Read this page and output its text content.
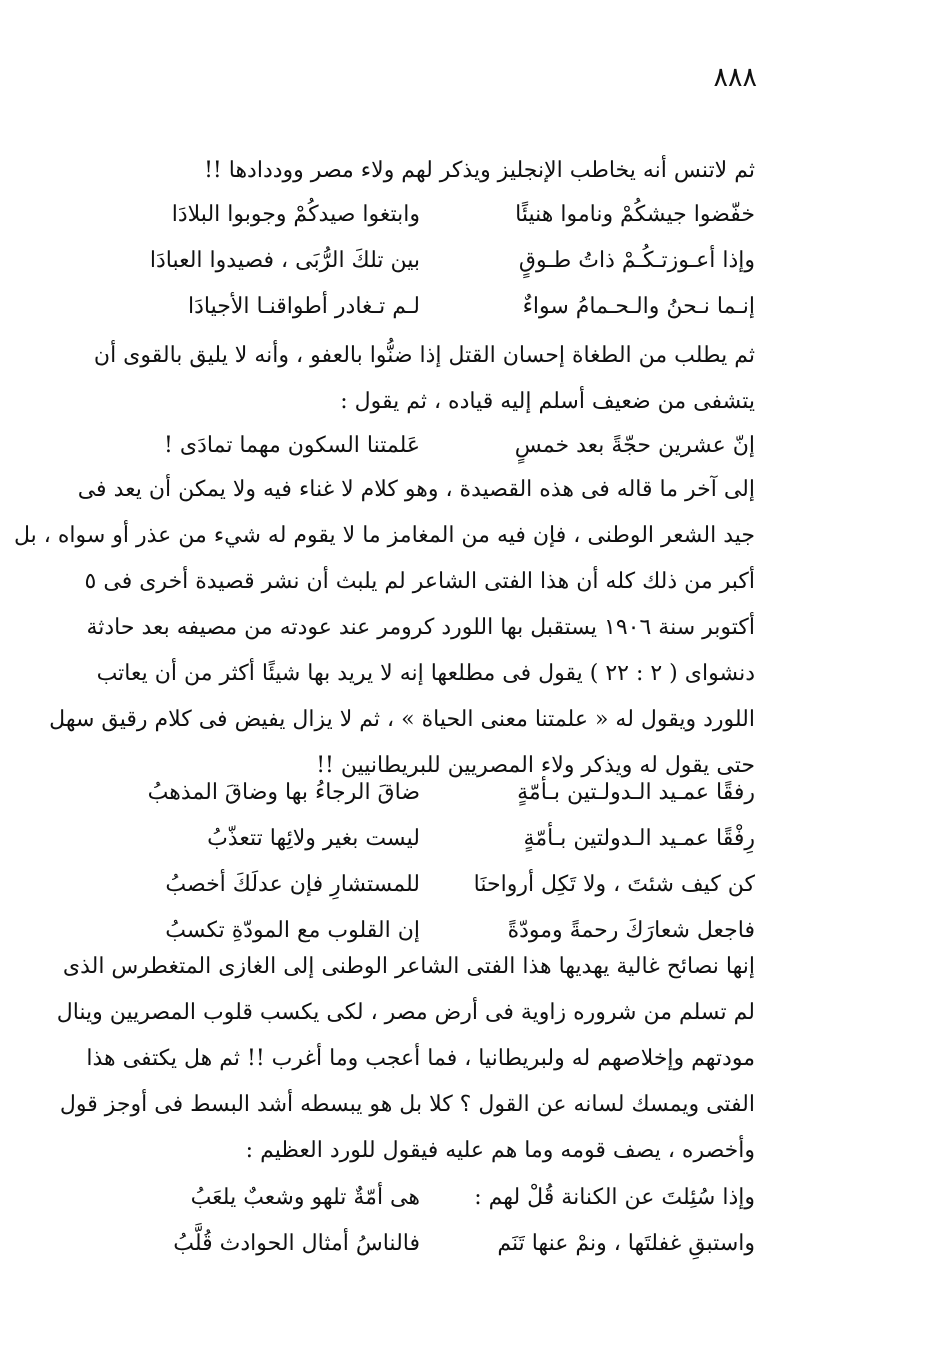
٨٨٨
ثم لاتنس أنه يخاطب الإنجليز ويذكر لهم ولاء مصر ووددادها !!
خفّضوا جيشكُمْ وناموا هنيئًا
وابتغوا صيدكُمْ وجوبوا البلادَا
وإذا أعـوزتـكُـمْ ذاتُ طـوقٍ
بين تلكَ الرُّبَى ، فصيدوا العبادَا
إنـما نـحنُ والـحـمامُ سواءٌ
لـم تـغادر أطواقنـا الأجيادَا
ثم يطلب من الطغاة إحسان القتل إذا ضنُّوا بالعفو ، وأنه لا يليق بالقوى أن
يتشفى من ضعيف أسلم إليه قياده ، ثم يقول :
إنّ عشرين حجّةً بعد خمسٍ
عَلمتنا السكون مهما تمادَى !
إلى آخر ما قاله فى هذه القصيدة ، وهو كلام لا غناء فيه ولا يمكن أن يعد فى
جيد الشعر الوطنى ، فإن فيه من المغامز ما لا يقوم له شيء من عذر أو سواه ، بل
أكبر من ذلك كله أن هذا الفتى الشاعر لم يلبث أن نشر قصيدة أخرى فى ٥
أكتوبر سنة ١٩٠٦ يستقبل بها اللورد كرومر عند عودته من مصيفه بعد حادثة
دنشواى ( ٢ : ٢٢ ) يقول فى مطلعها إنه لا يريد بها شيئًا أكثر من أن يعاتب
اللورد ويقول له « علمتنا معنى الحياة » ، ثم لا يزال يفيض فى كلام رقيق سهل
حتى يقول له ويذكر ولاء المصريين للبريطانيين !!
رفقًا عمـيد الـدولـتين بـأمّةٍ
ضاقَ الرجاءُ بها وضاقَ المذهبُ
رِفْقًا عمـيد الـدولتين بـأمّةٍ
ليست بغير ولائِها تتعذّبُ
كن كيف شئتَ ، ولا تَكِل أرواحنَا
للمستشارِ فإن عدلَكَ أخصبُ
فاجعل شعارَكَ رحمةً ومودّةً
إن القلوب مع المودّةِ تكسبُ
إنها نصائح غالية يهديها هذا الفتى الشاعر الوطنى إلى الغازى المتغطرس الذى
لم تسلم من شروره زاوية فى أرض مصر ، لكى يكسب قلوب المصريين وينال
مودتهم وإخلاصهم له ولبريطانيا ، فما أعجب وما أغرب !! ثم هل يكتفى هذا
الفتى ويمسك لسانه عن القول ؟ كلا بل هو يبسطه أشد البسط فى أوجز قول
وأخصره ، يصف قومه وما هم عليه فيقول للورد العظيم :
وإذا سُئِلتَ عن الكنانة قُلْ لهم :
هى أمّةٌ تلهو وشعبٌ يلعَبُ
واستبقِ غفلتَها ، ونمْ عنها تَنَم
فالناسُ أمثال الحوادث قُلَّبُ
